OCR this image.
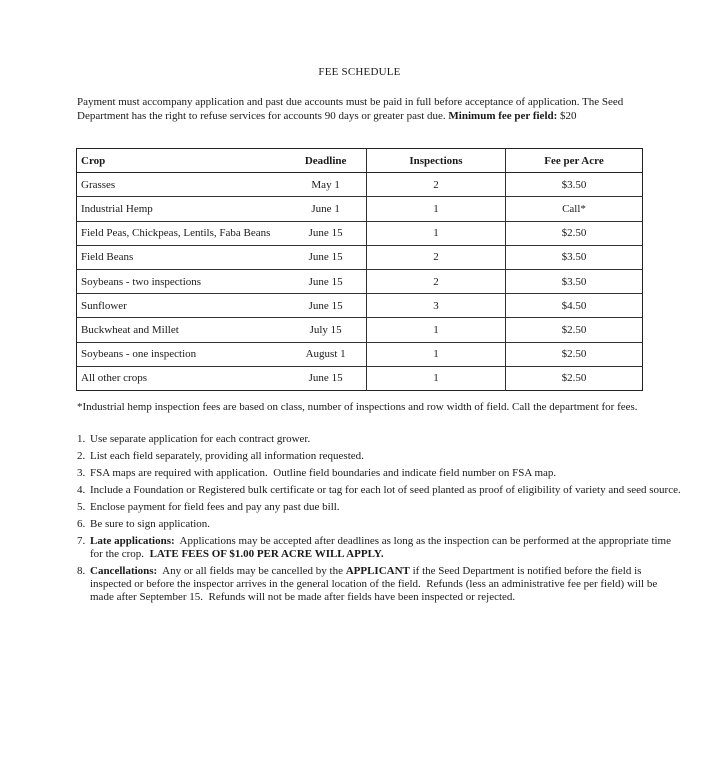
FEE SCHEDULE
Payment must accompany application and past due accounts must be paid in full before acceptance of application. The Seed Department has the right to refuse services for accounts 90 days or greater past due. Minimum fee per field: $20
Crop	Deadline	Inspections	Fee per Acre
Grasses	May 1	2	$3.50
Industrial Hemp	June 1	1	Call*
Field Peas, Chickpeas, Lentils, Faba Beans	June 15	1	$2.50
Field Beans	June 15	2	$3.50
Soybeans - two inspections	June 15	2	$3.50
Sunflower	June 15	3	$4.50
Buckwheat and Millet	July 15	1	$2.50
Soybeans - one inspection	August 1	1	$2.50
All other crops	June 15	1	$2.50
*Industrial hemp inspection fees are based on class, number of inspections and row width of field. Call the department for fees.
1. Use separate application for each contract grower.
2. List each field separately, providing all information requested.
3. FSA maps are required with application.  Outline field boundaries and indicate field number on FSA map.
4. Include a Foundation or Registered bulk certificate or tag for each lot of seed planted as proof of eligibility of variety and seed source.
5. Enclose payment for field fees and pay any past due bill.
6. Be sure to sign application.
7. Late applications:  Applications may be accepted after deadlines as long as the inspection can be performed at the appropriate time for the crop.  LATE FEES OF $1.00 PER ACRE WILL APPLY.
8. Cancellations:  Any or all fields may be cancelled by the APPLICANT if the Seed Department is notified before the field is inspected or before the inspector arrives in the general location of the field.  Refunds (less an administrative fee per field) will be made after September 15.  Refunds will not be made after fields have been inspected or rejected.
